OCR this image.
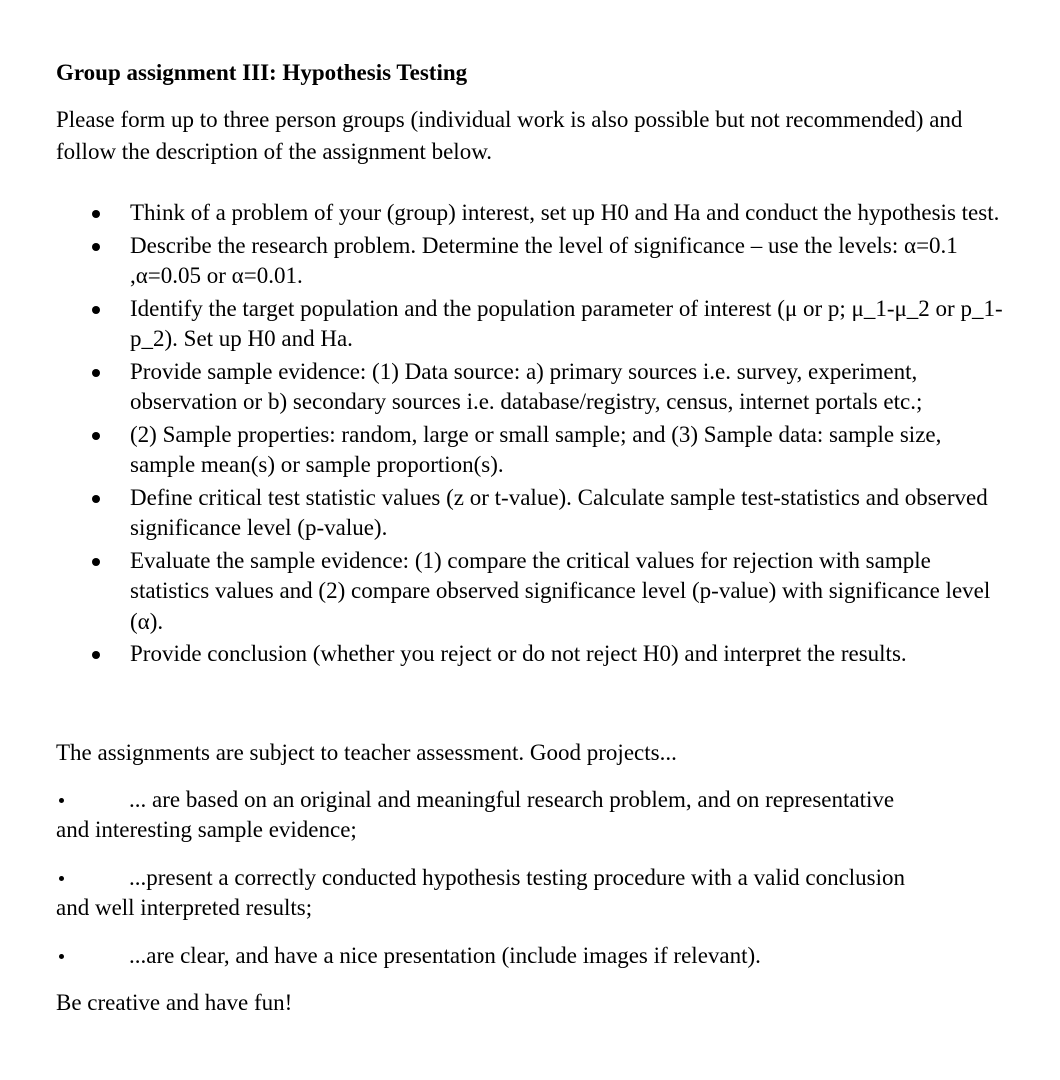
Group assignment III: Hypothesis Testing

Please form up to three person groups (individual work is also possible but not recommended) and follow the description of the assignment below.

Think of a problem of your (group) interest, set up H0 and Ha and conduct the hypothesis test.
Describe the research problem. Determine the level of significance – use the levels: α=0.1 ,α=0.05 or α=0.01.
Identify the target population and the population parameter of interest (μ or p; μ_1-μ_2 or p_1-p_2). Set up H0 and Ha.
Provide sample evidence: (1) Data source: a) primary sources i.e. survey, experiment, observation or b) secondary sources i.e. database/registry, census, internet portals etc.;
(2) Sample properties: random, large or small sample; and (3) Sample data: sample size, sample mean(s) or sample proportion(s).
Define critical test statistic values (z or t-value). Calculate sample test-statistics and observed significance level (p-value).
Evaluate the sample evidence: (1) compare the critical values for rejection with sample statistics values and (2) compare observed significance level (p-value) with significance level (α).
Provide conclusion (whether you reject or do not reject H0) and interpret the results.

The assignments are subject to teacher assessment. Good projects...

... are based on an original and meaningful research problem, and on representative
and interesting sample evidence;
...present a correctly conducted hypothesis testing procedure with a valid conclusion
and well interpreted results;
...are clear, and have a nice presentation (include images if relevant).

Be creative and have fun!
